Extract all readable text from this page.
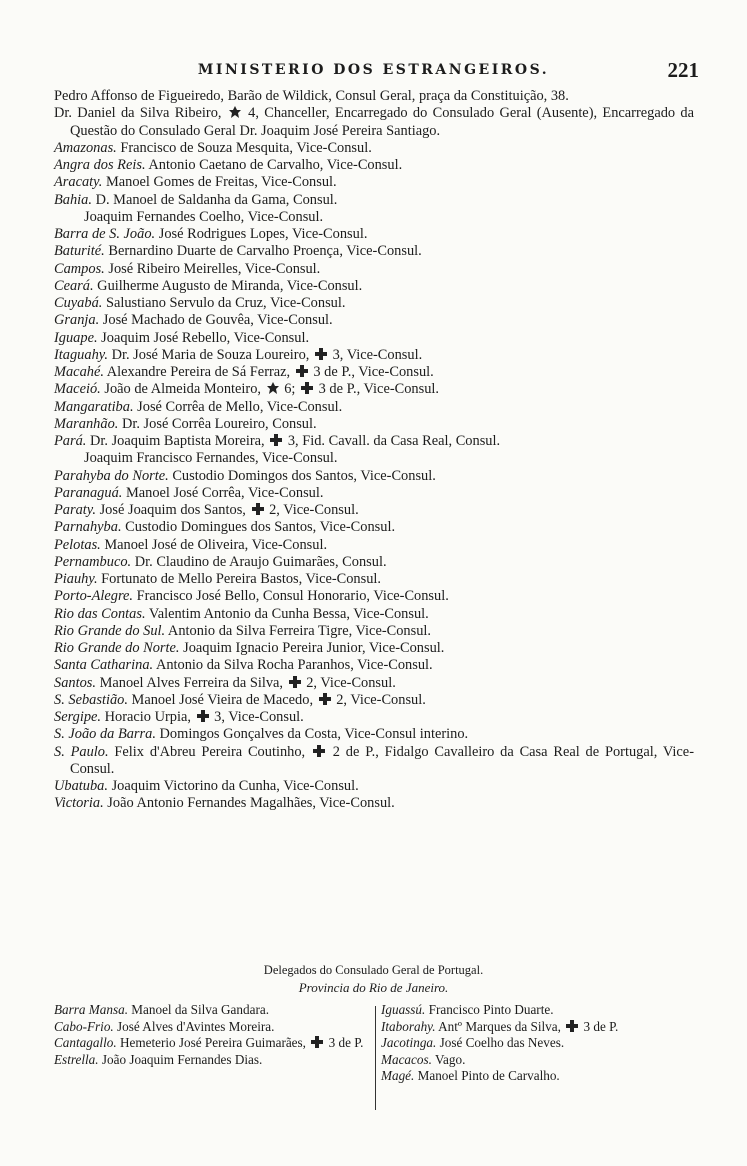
MINISTERIO DOS ESTRANGEIROS.	221
Pedro Affonso de Figueiredo, Barão de Wildick, Consul Geral, praça da Constituição, 38.
Dr. Daniel da Silva Ribeiro,  4, Chanceller, Encarregado do Consulado Geral (Ausente), Encarregado da Questão do Consulado Geral Dr. Joaquim José Pereira Santiago.
Amazonas. Francisco de Souza Mesquita, Vice-Consul.
Angra dos Reis. Antonio Caetano de Carvalho, Vice-Consul.
Aracaty. Manoel Gomes de Freitas, Vice-Consul.
Bahia. D. Manoel de Saldanha da Gama, Consul.
Joaquim Fernandes Coelho, Vice-Consul.
Barra de S. João. José Rodrigues Lopes, Vice-Consul.
Baturité. Bernardino Duarte de Carvalho Proença, Vice-Consul.
Campos. José Ribeiro Meirelles, Vice-Consul.
Ceará. Guilherme Augusto de Miranda, Vice-Consul.
Cuyabá. Salustiano Servulo da Cruz, Vice-Consul.
Granja. José Machado de Gouvêa, Vice-Consul.
Iguape. Joaquim José Rebello, Vice-Consul.
Itaguahy. Dr. José Maria de Souza Loureiro,  3, Vice-Consul.
Macahé. Alexandre Pereira de Sá Ferraz,  3 de P., Vice-Consul.
Maceió. João de Almeida Monteiro,  6;  3 de P., Vice-Consul.
Mangaratiba. José Corrêa de Mello, Vice-Consul.
Maranhão. Dr. José Corrêa Loureiro, Consul.
Pará. Dr. Joaquim Baptista Moreira,  3, Fid. Cavall. da Casa Real, Consul.
Joaquim Francisco Fernandes, Vice-Consul.
Parahyba do Norte. Custodio Domingos dos Santos, Vice-Consul.
Paranaguá. Manoel José Corrêa, Vice-Consul.
Paraty. José Joaquim dos Santos,  2, Vice-Consul.
Parnahyba. Custodio Domingues dos Santos, Vice-Consul.
Pelotas. Manoel José de Oliveira, Vice-Consul.
Pernambuco. Dr. Claudino de Araujo Guimarães, Consul.
Piauhy. Fortunato de Mello Pereira Bastos, Vice-Consul.
Porto-Alegre. Francisco José Bello, Consul Honorario, Vice-Consul.
Rio das Contas. Valentim Antonio da Cunha Bessa, Vice-Consul.
Rio Grande do Sul. Antonio da Silva Ferreira Tigre, Vice-Consul.
Rio Grande do Norte. Joaquim Ignacio Pereira Junior, Vice-Consul.
Santa Catharina. Antonio da Silva Rocha Paranhos, Vice-Consul.
Santos. Manoel Alves Ferreira da Silva,  2, Vice-Consul.
S. Sebastião. Manoel José Vieira de Macedo,  2, Vice-Consul.
Sergipe. Horacio Urpia,  3, Vice-Consul.
S. João da Barra. Domingos Gonçalves da Costa, Vice-Consul interino.
S. Paulo. Felix d'Abreu Pereira Coutinho,  2 de P., Fidalgo Cavalleiro da Casa Real de Portugal, Vice-Consul.
Ubatuba. Joaquim Victorino da Cunha, Vice-Consul.
Victoria. João Antonio Fernandes Magalhães, Vice-Consul.
Delegados do Consulado Geral de Portugal.
Provincia do Rio de Janeiro.
Barra Mansa. Manoel da Silva Gandara.
Cabo-Frio. José Alves d'Avintes Moreira.
Cantagallo. Hemeterio José Pereira Guimarães,  3 de P.
Estrella. João Joaquim Fernandes Dias.
Iguassú. Francisco Pinto Duarte.
Itaborahy. Antº Marques da Silva,  3 de P.
Jacotinga. José Coelho das Neves.
Macacos. Vago.
Magé. Manoel Pinto de Carvalho.
